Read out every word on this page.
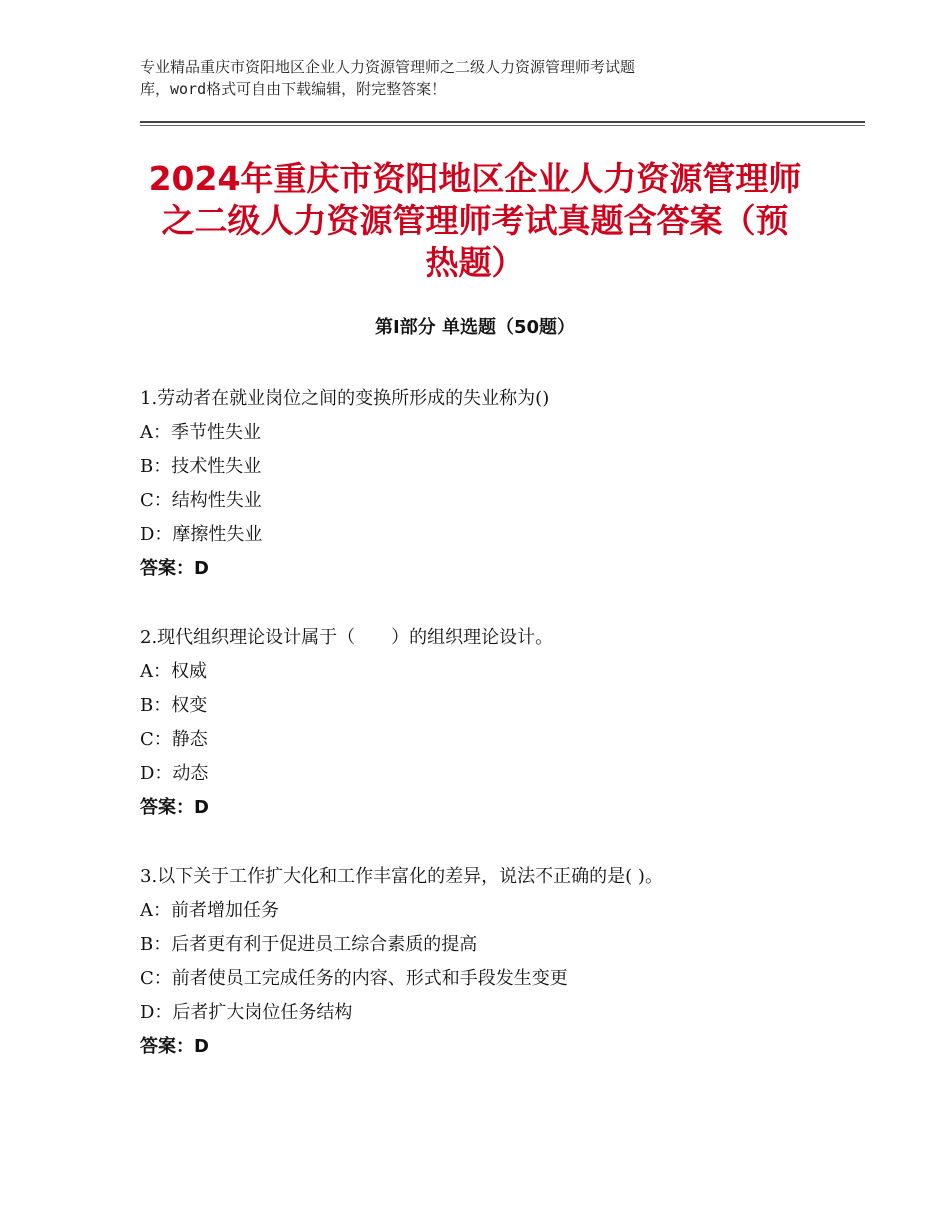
专业精品重庆市资阳地区企业人力资源管理师之二级人力资源管理师考试题
库，word格式可自由下载编辑，附完整答案！
2024年重庆市资阳地区企业人力资源管理师
之二级人力资源管理师考试真题含答案（预
热题）
第Ⅰ部分 单选题（50题）
1.劳动者在就业岗位之间的变换所形成的失业称为()
A：季节性失业
B：技术性失业
C：结构性失业
D：摩擦性失业
答案：D
2.现代组织理论设计属于（　　）的组织理论设计。
A：权威
B：权变
C：静态
D：动态
答案：D
3.以下关于工作扩大化和工作丰富化的差异，说法不正确的是( )。
A：前者增加任务
B：后者更有利于促进员工综合素质的提高
C：前者使员工完成任务的内容、形式和手段发生变更
D：后者扩大岗位任务结构
答案：D
